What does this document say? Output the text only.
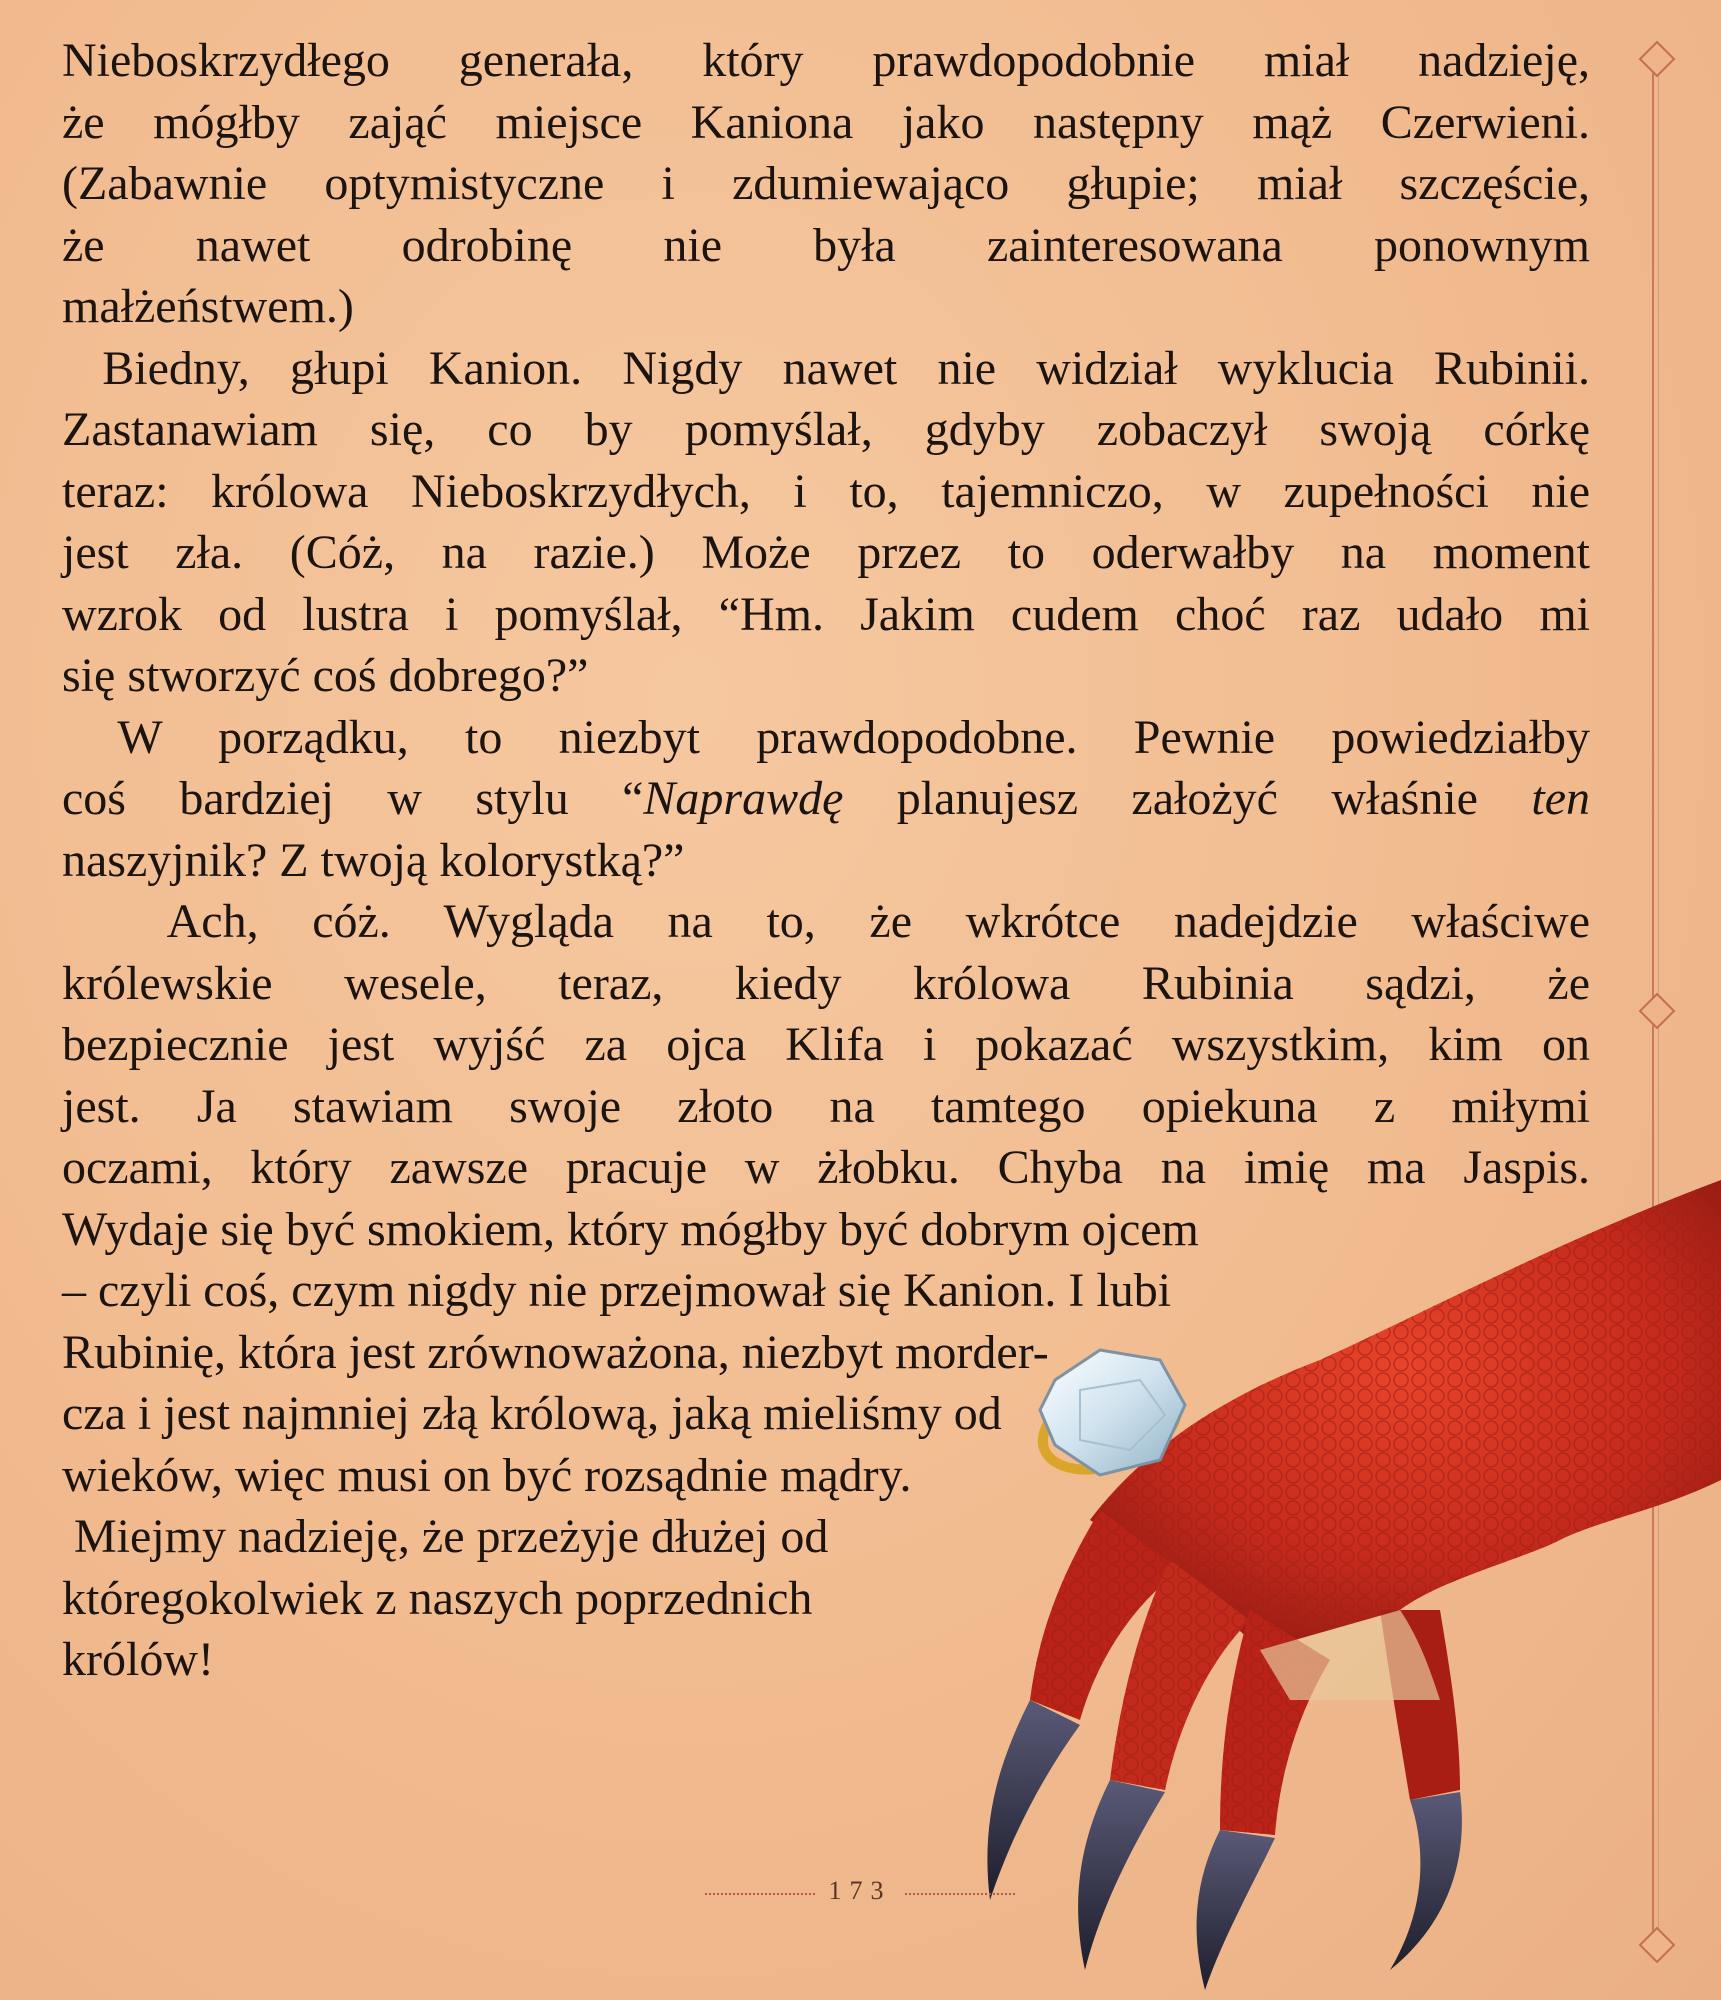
Nieboskrzydłego generała, który prawdopodobnie miał nadzieję,
że mógłby zająć miejsce Kaniona jako następny mąż Czerwieni.
(Zabawnie optymistyczne i zdumiewająco głupie; miał szczęście,
że nawet odrobinę nie była zainteresowana ponownym
małżeństwem.)
Biedny, głupi Kanion. Nigdy nawet nie widział wyklucia Rubinii.
Zastanawiam się, co by pomyślał, gdyby zobaczył swoją córkę
teraz: królowa Nieboskrzydłych, i to, tajemniczo, w zupełności nie
jest zła. (Cóż, na razie.) Może przez to oderwałby na moment
wzrok od lustra i pomyślał, “Hm. Jakim cudem choć raz udało mi
się stworzyć coś dobrego?”
W porządku, to niezbyt prawdopodobne. Pewnie powiedziałby
coś bardziej w stylu “Naprawdę planujesz założyć właśnie ten
naszyjnik? Z twoją kolorystką?”
Ach, cóż. Wygląda na to, że wkrótce nadejdzie właściwe
królewskie wesele, teraz, kiedy królowa Rubinia sądzi, że
bezpiecznie jest wyjść za ojca Klifa i pokazać wszystkim, kim on
jest. Ja stawiam swoje złoto na tamtego opiekuna z miłymi
oczami, który zawsze pracuje w żłobku. Chyba na imię ma Jaspis.
Wydaje się być smokiem, który mógłby być dobrym ojcem
– czyli coś, czym nigdy nie przejmował się Kanion. I lubi
Rubinię, która jest zrównoważona, niezbyt morder-
cza i jest najmniej złą królową, jaką mieliśmy od
wieków, więc musi on być rozsądnie mądry.
Miejmy nadzieję, że przeżyje dłużej od
któregokolwiek z naszych poprzednich
królów!
173
